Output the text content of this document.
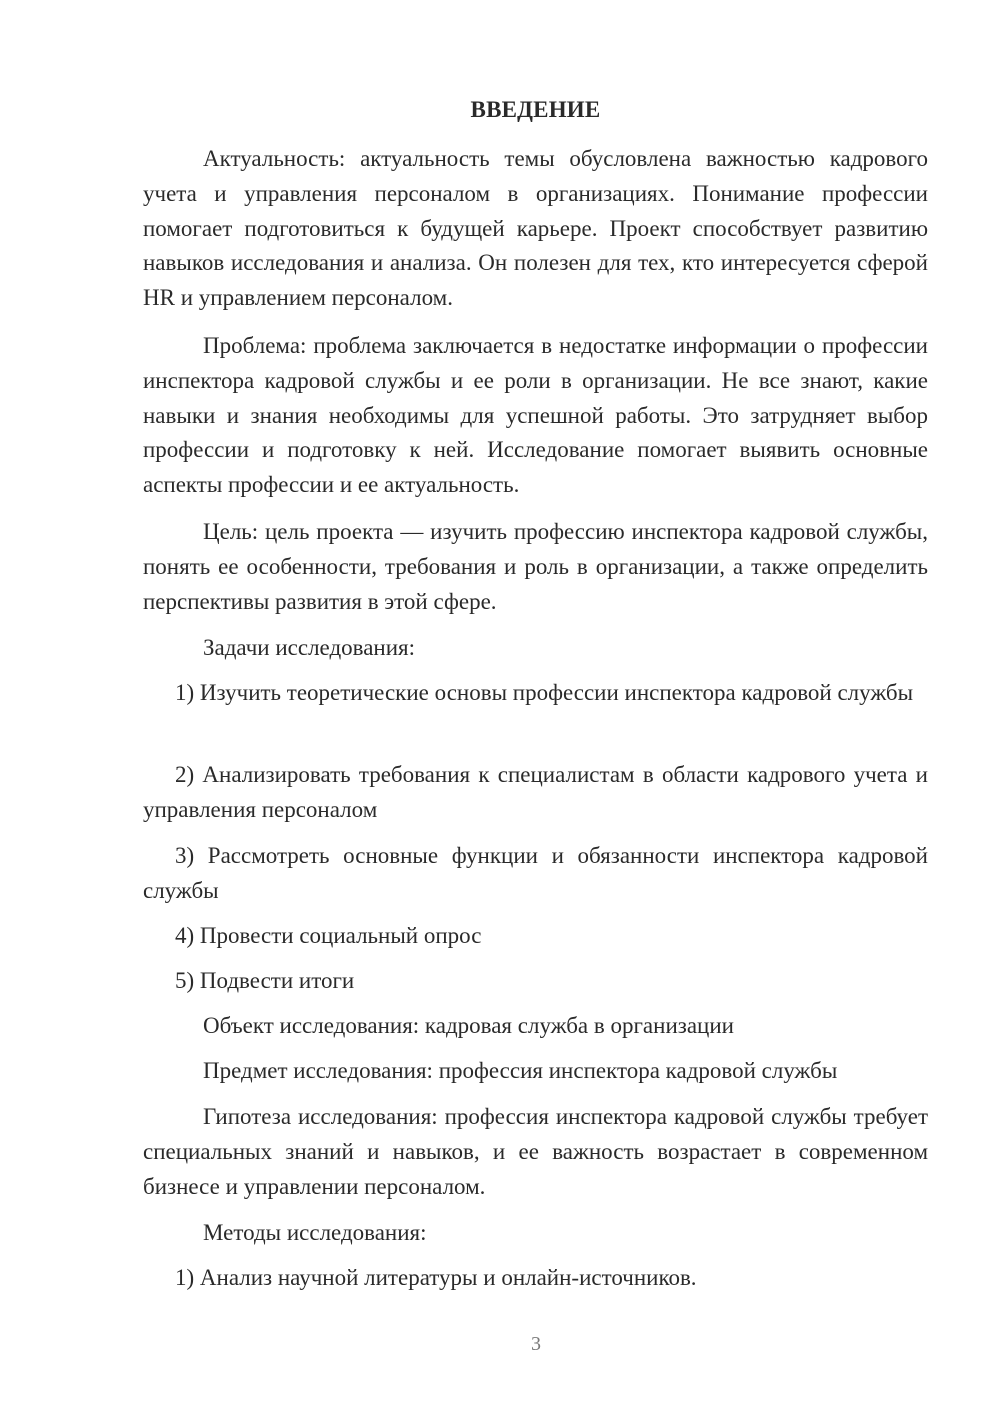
ВВЕДЕНИЕ

Актуальность: актуальность темы обусловлена важностью кадрового учета и управления персоналом в организациях. Понимание профессии помогает подготовиться к будущей карьере. Проект способствует развитию навыков исследования и анализа. Он полезен для тех, кто интересуется сферой HR и управлением персоналом.

Проблема: проблема заключается в недостатке информации о профессии инспектора кадровой службы и ее роли в организации. Не все знают, какие навыки и знания необходимы для успешной работы. Это затрудняет выбор профессии и подготовку к ней. Исследование помогает выявить основные аспекты профессии и ее актуальность.

Цель: цель проекта — изучить профессию инспектора кадровой службы, понять ее особенности, требования и роль в организации, а также определить перспективы развития в этой сфере.

Задачи исследования:

1) Изучить теоретические основы профессии инспектора кадровой службы

2) Анализировать требования к специалистам в области кадрового учета и управления персоналом

3) Рассмотреть основные функции и обязанности инспектора кадровой службы

4) Провести социальный опрос

5) Подвести итоги

Объект исследования: кадровая служба в организации

Предмет исследования: профессия инспектора кадровой службы

Гипотеза исследования: профессия инспектора кадровой службы требует специальных знаний и навыков, и ее важность возрастает в современном бизнесе и управлении персоналом.

Методы исследования:

1) Анализ научной литературы и онлайн-источников.

3
